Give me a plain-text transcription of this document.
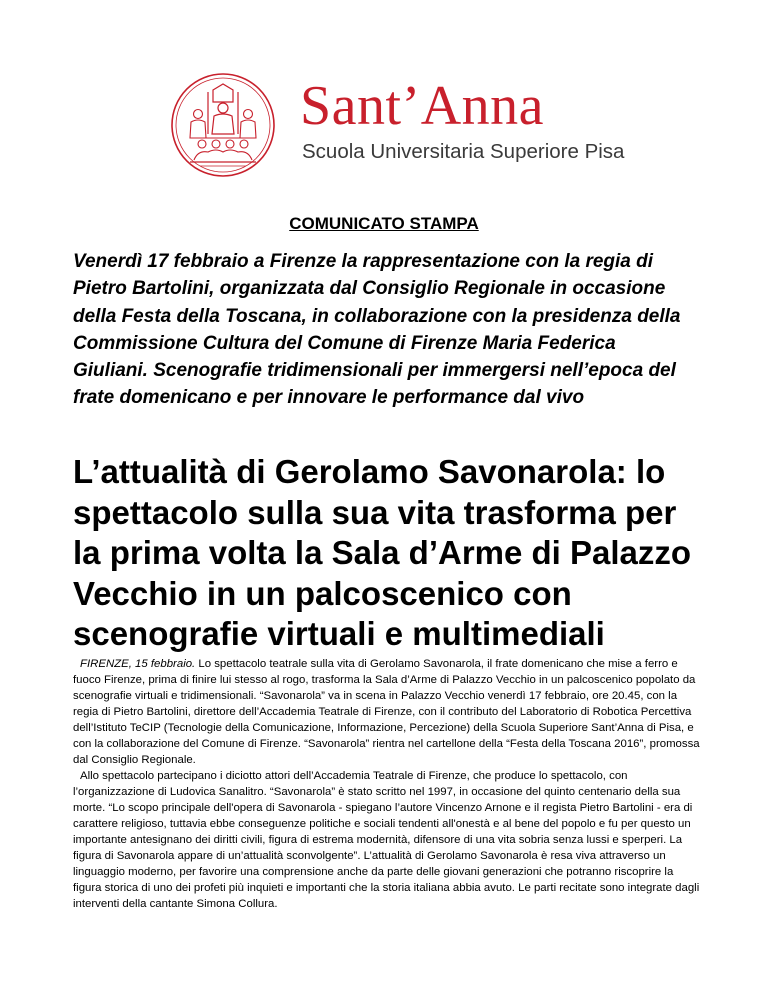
Sant’Anna
Scuola Universitaria Superiore Pisa
COMUNICATO STAMPA
Venerdì 17 febbraio a Firenze la rappresentazione con la regia di Pietro Bartolini, organizzata dal Consiglio Regionale in occasione della Festa della Toscana, in collaborazione con la presidenza della Commissione Cultura del Comune di Firenze Maria Federica Giuliani. Scenografie tridimensionali per immergersi nell’epoca del frate domenicano e per innovare le performance dal vivo
L’attualità di Gerolamo Savonarola: lo spettacolo sulla sua vita trasforma per la prima volta la Sala d’Arme di Palazzo Vecchio in un palcoscenico con scenografie virtuali e multimediali
FIRENZE, 15 febbraio. Lo spettacolo teatrale sulla vita di Gerolamo Savonarola, il frate domenicano che mise a ferro e fuoco Firenze, prima di finire lui stesso al rogo, trasforma la Sala d’Arme di Palazzo Vecchio in un palcoscenico popolato da scenografie virtuali e tridimensionali. “Savonarola” va in scena in Palazzo Vecchio venerdì 17 febbraio, ore 20.45, con la regia di Pietro Bartolini, direttore dell’Accademia Teatrale di Firenze, con il contributo del Laboratorio di Robotica Percettiva dell’Istituto TeCIP (Tecnologie della Comunicazione, Informazione, Percezione) della Scuola Superiore Sant’Anna di Pisa, e con la collaborazione del Comune di Firenze. “Savonarola” rientra nel cartellone della “Festa della Toscana 2016”, promossa dal Consiglio Regionale.
Allo spettacolo partecipano i diciotto attori dell’Accademia Teatrale di Firenze, che produce lo spettacolo, con l’organizzazione di Ludovica Sanalitro. “Savonarola” è stato scritto nel 1997, in occasione del quinto centenario della sua morte. “Lo scopo principale dell'opera di Savonarola - spiegano l’autore Vincenzo Arnone e il regista Pietro Bartolini - era di carattere religioso, tuttavia ebbe conseguenze politiche e sociali tendenti all'onestà e al bene del popolo e fu per questo un importante antesignano dei diritti civili, figura di estrema modernità, difensore di una vita sobria senza lussi e sperperi. La figura di Savonarola appare di un’attualità sconvolgente”. L’attualità di Gerolamo Savonarola è resa viva attraverso un linguaggio moderno, per favorire una comprensione anche da parte delle giovani generazioni che potranno riscoprire la figura storica di uno dei profeti più inquieti e importanti che la storia italiana abbia avuto. Le parti recitate sono integrate dagli interventi della cantante Simona Collura.
